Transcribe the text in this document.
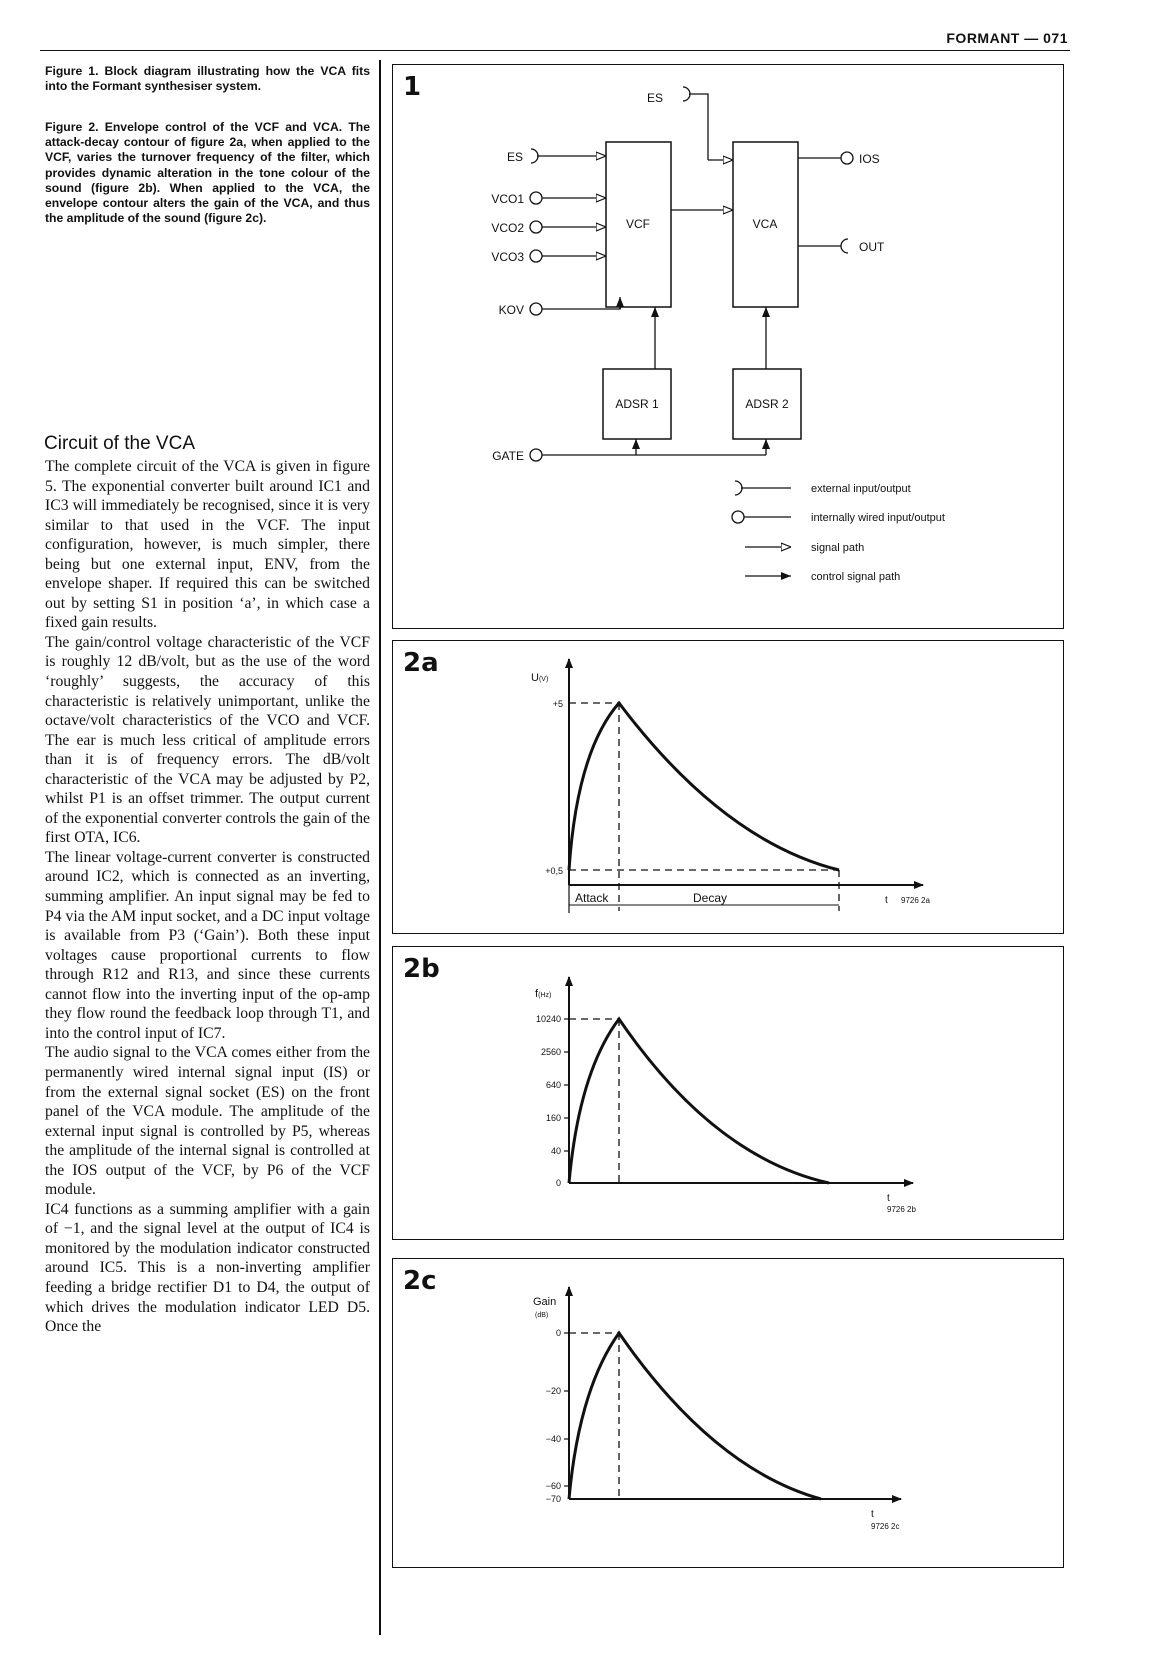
FORMANT — 071
Figure 1. Block diagram illustrating how the VCA fits into the Formant synthesiser system.
Figure 2. Envelope control of the VCF and VCA. The attack-decay contour of figure 2a, when applied to the VCF, varies the turnover frequency of the filter, which provides dynamic alteration in the tone colour of the sound (figure 2b). When applied to the VCA, the envelope contour alters the gain of the VCA, and thus the amplitude of the sound (figure 2c).
Circuit of the VCA

The complete circuit of the VCA is given in figure 5. The exponential converter built around IC1 and IC3 will immediately be recognised, since it is very similar to that used in the VCF. The input configuration, however, is much simpler, there being but one external input, ENV, from the envelope shaper. If required this can be switched out by setting S1 in position ‘a’, in which case a fixed gain results.

The gain/control voltage characteristic of the VCF is roughly 12 dB/volt, but as the use of the word ‘roughly’ suggests, the accuracy of this characteristic is relatively unimportant, unlike the octave/volt characteristics of the VCO and VCF. The ear is much less critical of amplitude errors than it is of frequency errors. The dB/volt characteristic of the VCA may be adjusted by P2, whilst P1 is an offset trimmer. The output current of the exponential converter controls the gain of the first OTA, IC6.

The linear voltage-current converter is constructed around IC2, which is connected as an inverting, summing amplifier. An input signal may be fed to P4 via the AM input socket, and a DC input voltage is available from P3 (‘Gain’). Both these input voltages cause proportional currents to flow through R12 and R13, and since these currents cannot flow into the inverting input of the op-amp they flow round the feedback loop through T1, and into the control input of IC7.

The audio signal to the VCA comes either from the permanently wired internal signal input (IS) or from the external signal socket (ES) on the front panel of the VCA module. The amplitude of the external input signal is controlled by P5, whereas the amplitude of the internal signal is controlled at the IOS output of the VCF, by P6 of the VCF module.

IC4 functions as a summing amplifier with a gain of −1, and the signal level at the output of IC4 is monitored by the modulation indicator constructed around IC5. This is a non-inverting amplifier feeding a bridge rectifier D1 to D4, the output of which drives the modulation indicator LED D5. Once the

1
VCF	VCA
ADSR 1	ADSR 2
ES
ES
VCO1
VCO2
VCO3
KOV
GATE
IOS
OUT
external input/output
internally wired input/output
signal path
control signal path
2a	U(V)
+5
+0,5
Attack	Decay	t 9726 2a
2b
f(Hz)
10240
2560
640
160
40
0
t
9726 2b
2c
Gain
(dB)
0
−20
−40
−60
−70
t
9726 2c
